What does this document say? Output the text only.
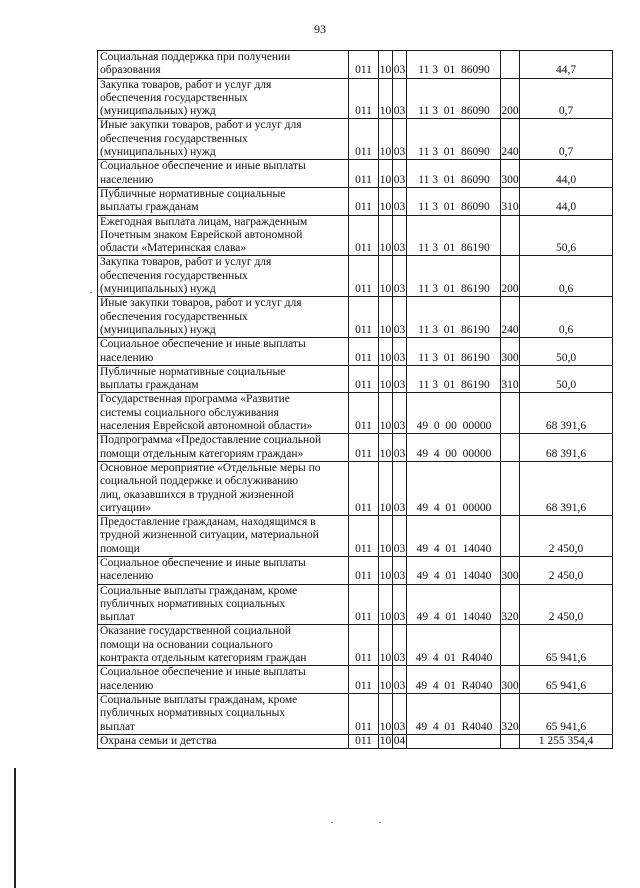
93
Социальная поддержка при получении
образования	011	10	03	11 3  01  86090		44,7
Закупка товаров, работ и услуг для
обеспечения государственных
(муниципальных) нужд	011	10	03	11 3  01  86090	200	0,7
Иные закупки товаров, работ и услуг для
обеспечения государственных
(муниципальных) нужд	011	10	03	11 3  01  86090	240	0,7
Социальное обеспечение и иные выплаты
населению	011	10	03	11 3  01  86090	300	44,0
Публичные нормативные социальные
выплаты гражданам	011	10	03	11 3  01  86090	310	44,0
Ежегодная выплата лицам, награжденным
Почетным знаком Еврейской автономной
области «Материнская слава»	011	10	03	11 3  01  86190		50,6
Закупка товаров, работ и услуг для
обеспечения государственных
(муниципальных) нужд	011	10	03	11 3  01  86190	200	0,6
Иные закупки товаров, работ и услуг для
обеспечения государственных
(муниципальных) нужд	011	10	03	11 3  01  86190	240	0,6
Социальное обеспечение и иные выплаты
населению	011	10	03	11 3  01  86190	300	50,0
Публичные нормативные социальные
выплаты гражданам	011	10	03	11 3  01  86190	310	50,0
Государственная программа «Развитие
системы социального обслуживания
населения Еврейской автономной области»	011	10	03	49  0  00  00000		68 391,6
Подпрограмма «Предоставление социальной
помощи отдельным категориям граждан»	011	10	03	49  4  00  00000		68 391,6
Основное мероприятие «Отдельные меры по
социальной поддержке и обслуживанию
лиц, оказавшихся в трудной жизненной
ситуации»	011	10	03	49  4  01  00000		68 391,6
Предоставление гражданам, находящимся в
трудной жизненной ситуации, материальной
помощи	011	10	03	49  4  01  14040		2 450,0
Социальное обеспечение и иные выплаты
населению	011	10	03	49  4  01  14040	300	2 450,0
Социальные выплаты гражданам, кроме
публичных нормативных социальных
выплат	011	10	03	49  4  01  14040	320	2 450,0
Оказание государственной социальной
помощи на основании социального
контракта отдельным категориям граждан	011	10	03	49  4  01  R4040		65 941,6
Социальное обеспечение и иные выплаты
населению	011	10	03	49  4  01  R4040	300	65 941,6
Социальные выплаты гражданам, кроме
публичных нормативных социальных
выплат	011	10	03	49  4  01  R4040	320	65 941,6
Охрана семьи и детства	011	10	04			1 255 354,4
